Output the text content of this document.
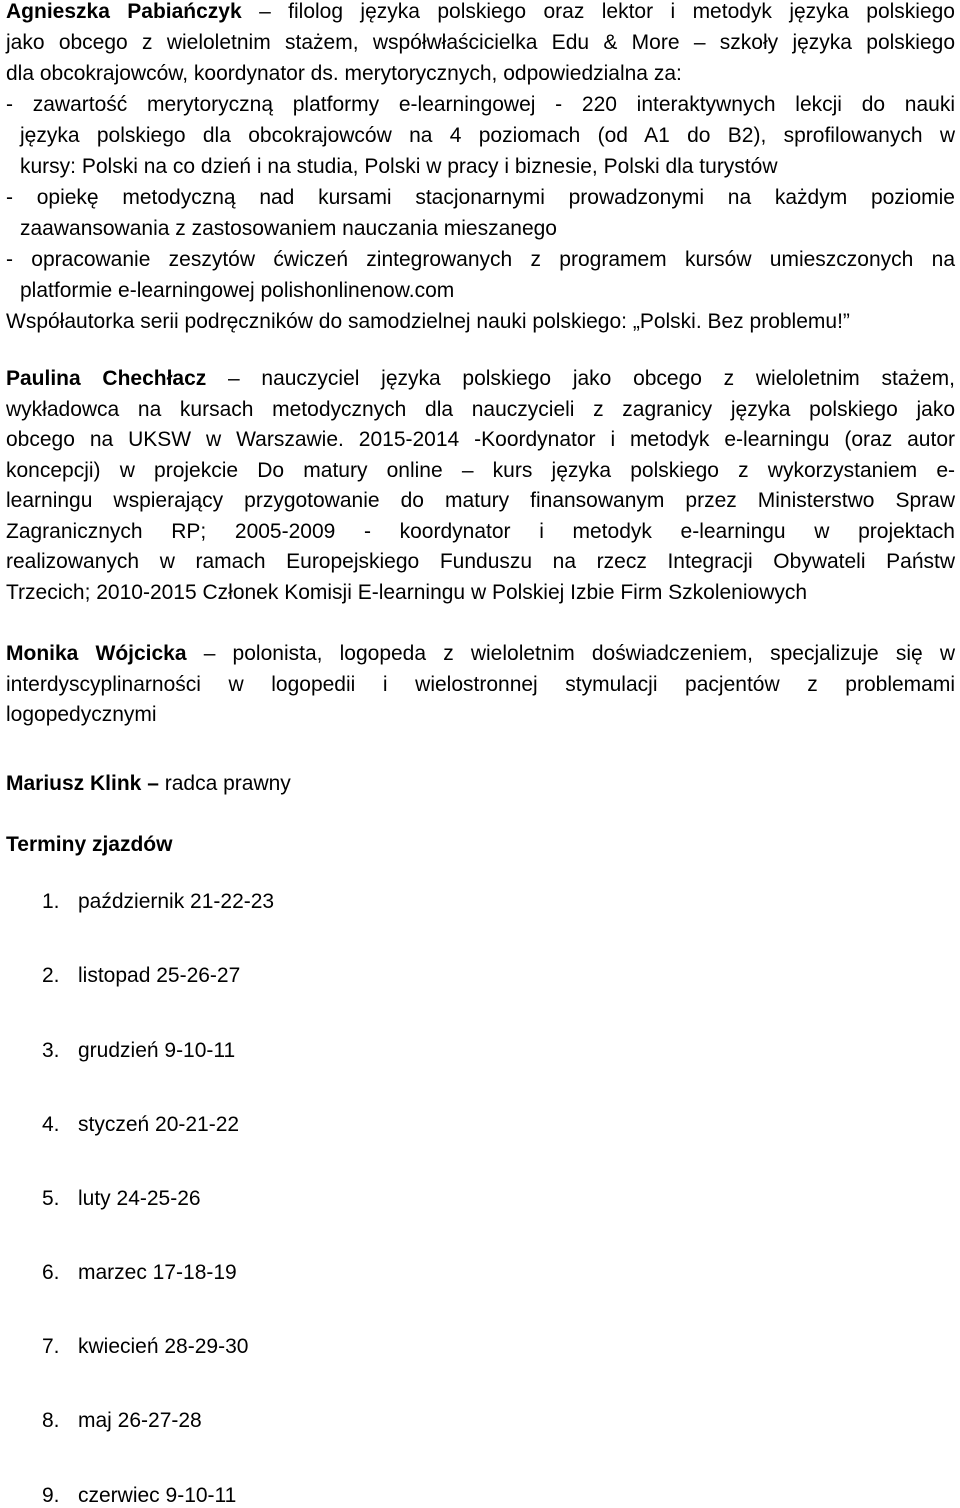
Agnieszka Pabiańczyk – filolog języka polskiego oraz lektor i metodyk języka polskiego
jako obcego z wieloletnim stażem, współwłaścicielka Edu & More – szkoły języka polskiego
dla obcokrajowców, koordynator ds. merytorycznych, odpowiedzialna za:
- zawartość merytoryczną platformy e-learningowej - 220 interaktywnych lekcji do nauki
języka polskiego dla obcokrajowców na 4 poziomach (od A1 do B2), sprofilowanych w
kursy: Polski na co dzień i na studia, Polski w pracy i biznesie, Polski dla turystów
- opiekę metodyczną nad kursami stacjonarnymi prowadzonymi na każdym poziomie
zaawansowania z zastosowaniem nauczania mieszanego
- opracowanie zeszytów ćwiczeń zintegrowanych z programem kursów umieszczonych na
platformie e-learningowej polishonlinenow.com
Współautorka serii podręczników do samodzielnej nauki polskiego: „Polski. Bez problemu!”
Paulina Chechłacz – nauczyciel języka polskiego jako obcego z wieloletnim stażem,
wykładowca na kursach metodycznych dla nauczycieli z zagranicy języka polskiego jako
obcego na UKSW w Warszawie. 2015-2014 -Koordynator i metodyk e-learningu (oraz autor
koncepcji) w projekcie Do matury online – kurs języka polskiego z wykorzystaniem e-
learningu wspierający przygotowanie do matury finansowanym przez Ministerstwo Spraw
Zagranicznych RP; 2005-2009 - koordynator i metodyk e-learningu w projektach
realizowanych w ramach Europejskiego Funduszu na rzecz Integracji Obywateli Państw
Trzecich; 2010-2015 Członek Komisji E-learningu w Polskiej Izbie Firm Szkoleniowych
Monika Wójcicka – polonista, logopeda z wieloletnim doświadczeniem, specjalizuje się w
interdyscyplinarności w logopedii i wielostronnej stymulacji pacjentów z problemami
logopedycznymi
Mariusz Klink – radca prawny
Terminy zjazdów
1. październik 21-22-23
2. listopad 25-26-27
3. grudzień 9-10-11
4. styczeń 20-21-22
5. luty 24-25-26
6. marzec 17-18-19
7. kwiecień 28-29-30
8. maj 26-27-28
9. czerwiec 9-10-11
